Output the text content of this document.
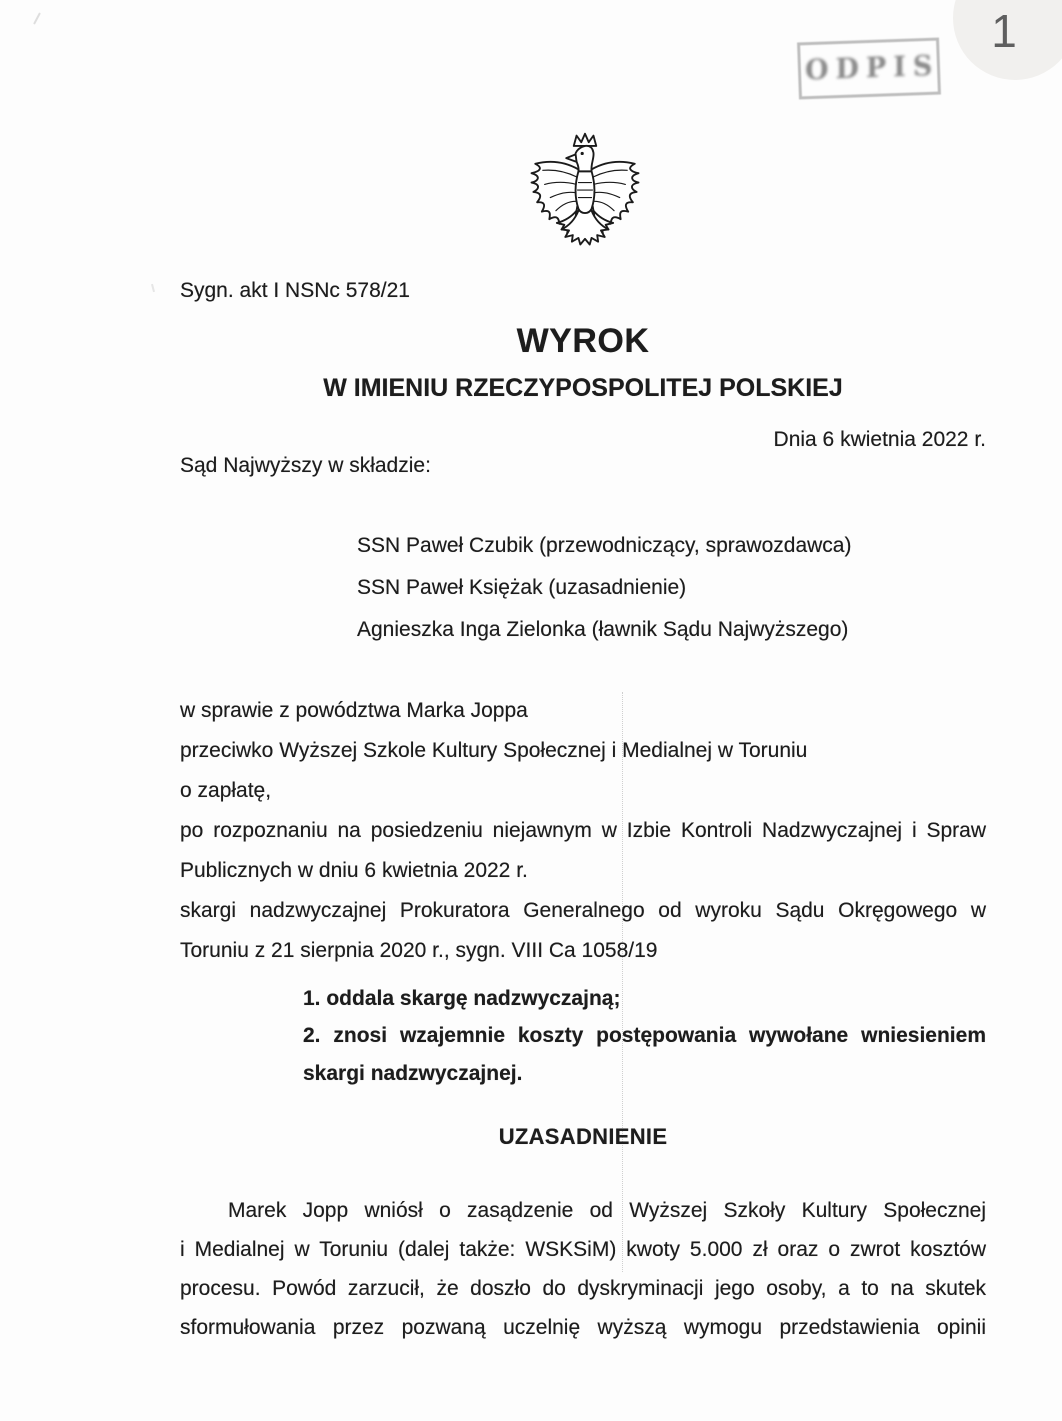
ODPIS
1
Sygn. akt I NSNc 578/21
WYROK
W IMIENIU RZECZYPOSPOLITEJ POLSKIEJ
Dnia 6 kwietnia 2022 r.
Sąd Najwyższy w składzie:
SSN Paweł Czubik (przewodniczący, sprawozdawca)
SSN Paweł Księżak (uzasadnienie)
Agnieszka Inga Zielonka (ławnik Sądu Najwyższego)
w sprawie z powództwa Marka Joppa
przeciwko Wyższej Szkole Kultury Społecznej i Medialnej w Toruniu
o zapłatę,
po rozpoznaniu na posiedzeniu niejawnym w Izbie Kontroli Nadzwyczajnej i Spraw
Publicznych w dniu 6 kwietnia 2022 r.
skargi nadzwyczajnej Prokuratora Generalnego od wyroku Sądu Okręgowego w
Toruniu z 21 sierpnia 2020 r., sygn. VIII Ca 1058/19
1. oddala skargę nadzwyczajną;
2. znosi wzajemnie koszty postępowania wywołane wniesieniem
skargi nadzwyczajnej.
UZASADNIENIE
Marek Jopp wniósł o zasądzenie od Wyższej Szkoły Kultury Społecznej
i Medialnej w Toruniu (dalej także: WSKSiM) kwoty 5.000 zł oraz o zwrot kosztów
procesu. Powód zarzucił, że doszło do dyskryminacji jego osoby, a to na skutek
sformułowania przez pozwaną uczelnię wyższą wymogu przedstawienia opinii
